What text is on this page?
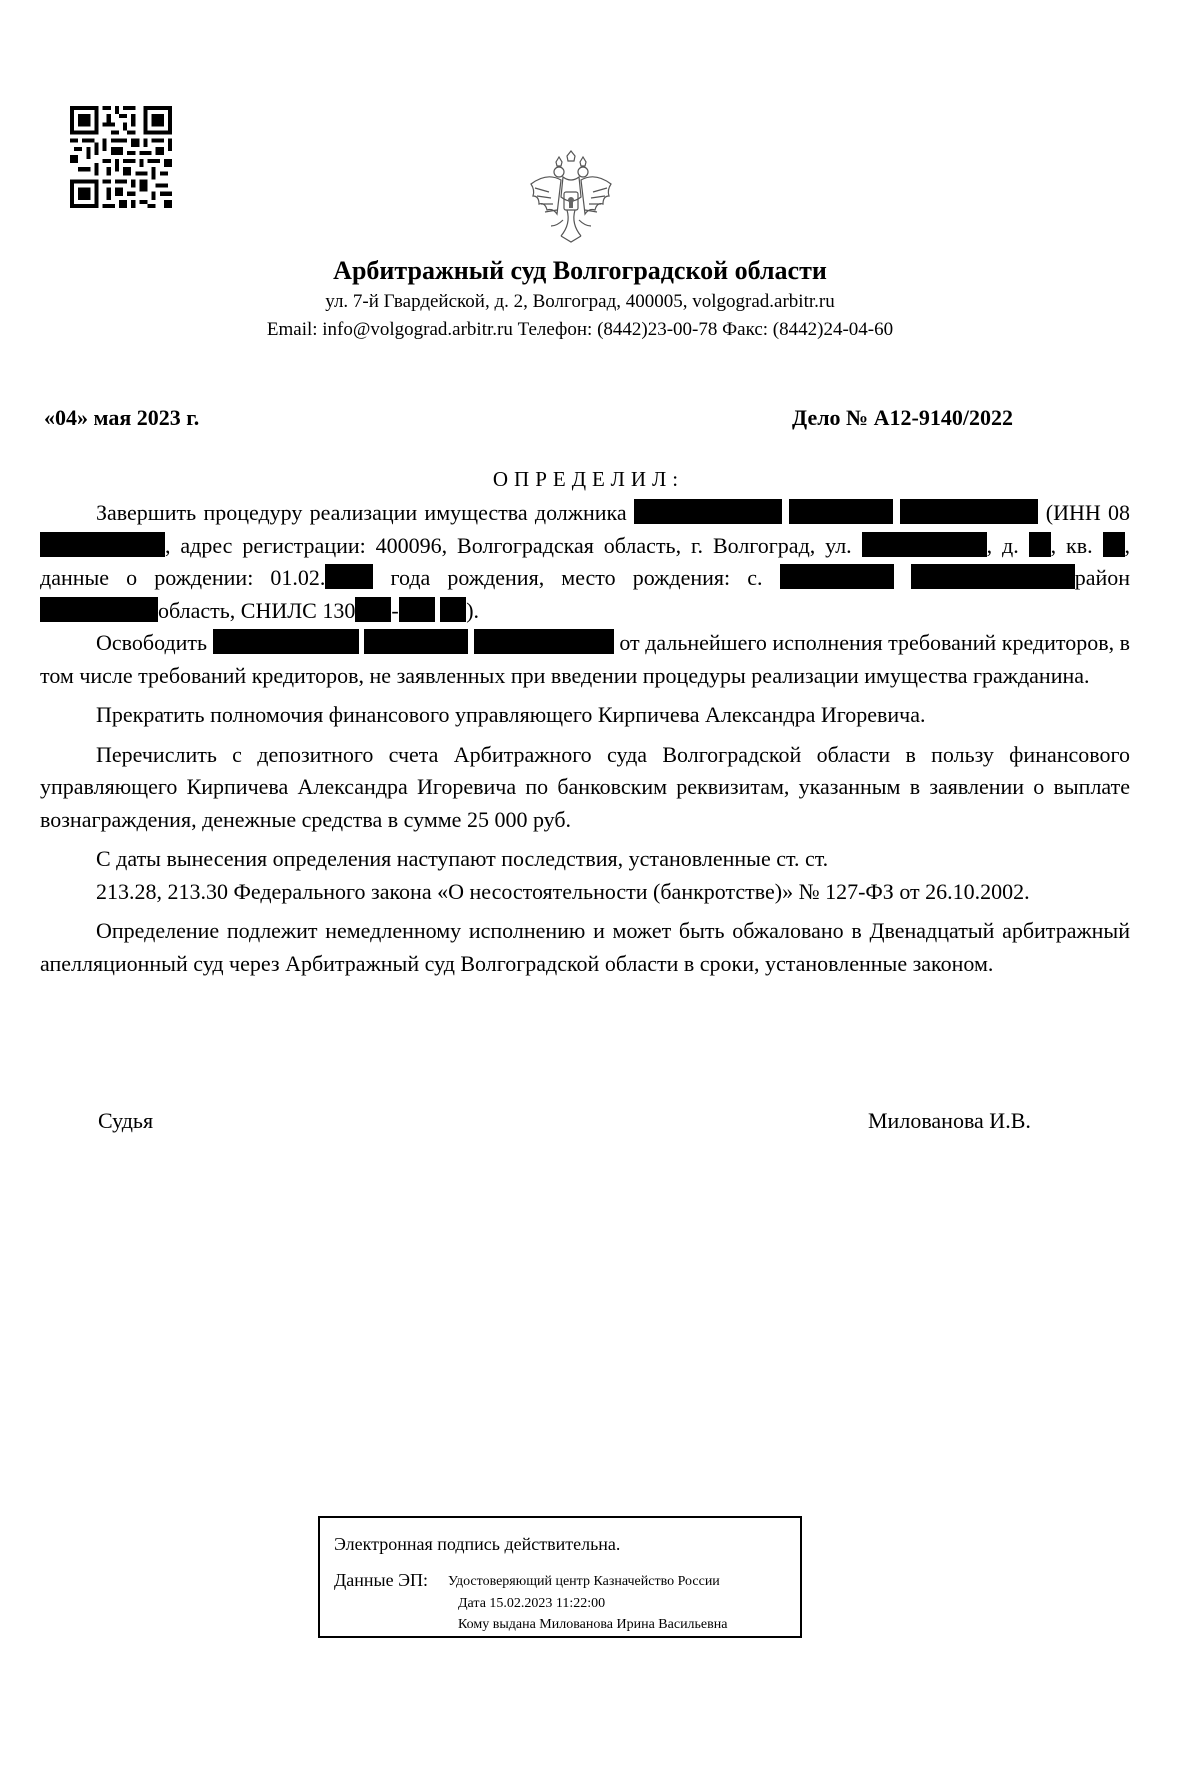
Арбитражный суд Волгоградской области
ул. 7-й Гвардейской, д. 2, Волгоград, 400005, volgograd.arbitr.ru
Email: info@volgograd.arbitr.ru Телефон: (8442)23-00-78 Факс: (8442)24-04-60
«04» мая 2023 г.	Дело № А12-9140/2022
ОПРЕДЕЛИЛ:

Завершить процедуру реализации имущества должника	(ИНН 08, адрес регистрации: 400096, Волгоградская область, г. Волгоград, ул.	, д. , кв. , данные о рождении: 01.02.	года рождения, место рождения: с.	район область, СНИЛС 130 -	).

Освободить	от дальнейшего исполнения требований кредиторов, в том числе требований кредиторов, не заявленных при введении процедуры реализации имущества гражданина.

Прекратить полномочия финансового управляющего Кирпичева Александра Игоревича.

Перечислить с депозитного счета Арбитражного суда Волгоградской области в пользу финансового управляющего Кирпичева Александра Игоревича по банковским реквизитам, указанным в заявлении о выплате вознаграждения, денежные средства в сумме 25 000 руб.

С даты вынесения определения наступают последствия, установленные ст. ст.

213.28, 213.30 Федерального закона «О несостоятельности (банкротстве)» № 127-ФЗ от 26.10.2002.

Определение подлежит немедленному исполнению и может быть обжаловано в Двенадцатый арбитражный апелляционный суд через Арбитражный суд Волгоградской области в сроки, установленные законом.

Судья	Милованова И.В.
Электронная подпись действительна.
Данные ЭП: Удостоверяющий центр Казначейство России
Дата 15.02.2023 11:22:00
Кому выдана Милованова Ирина Васильевна
